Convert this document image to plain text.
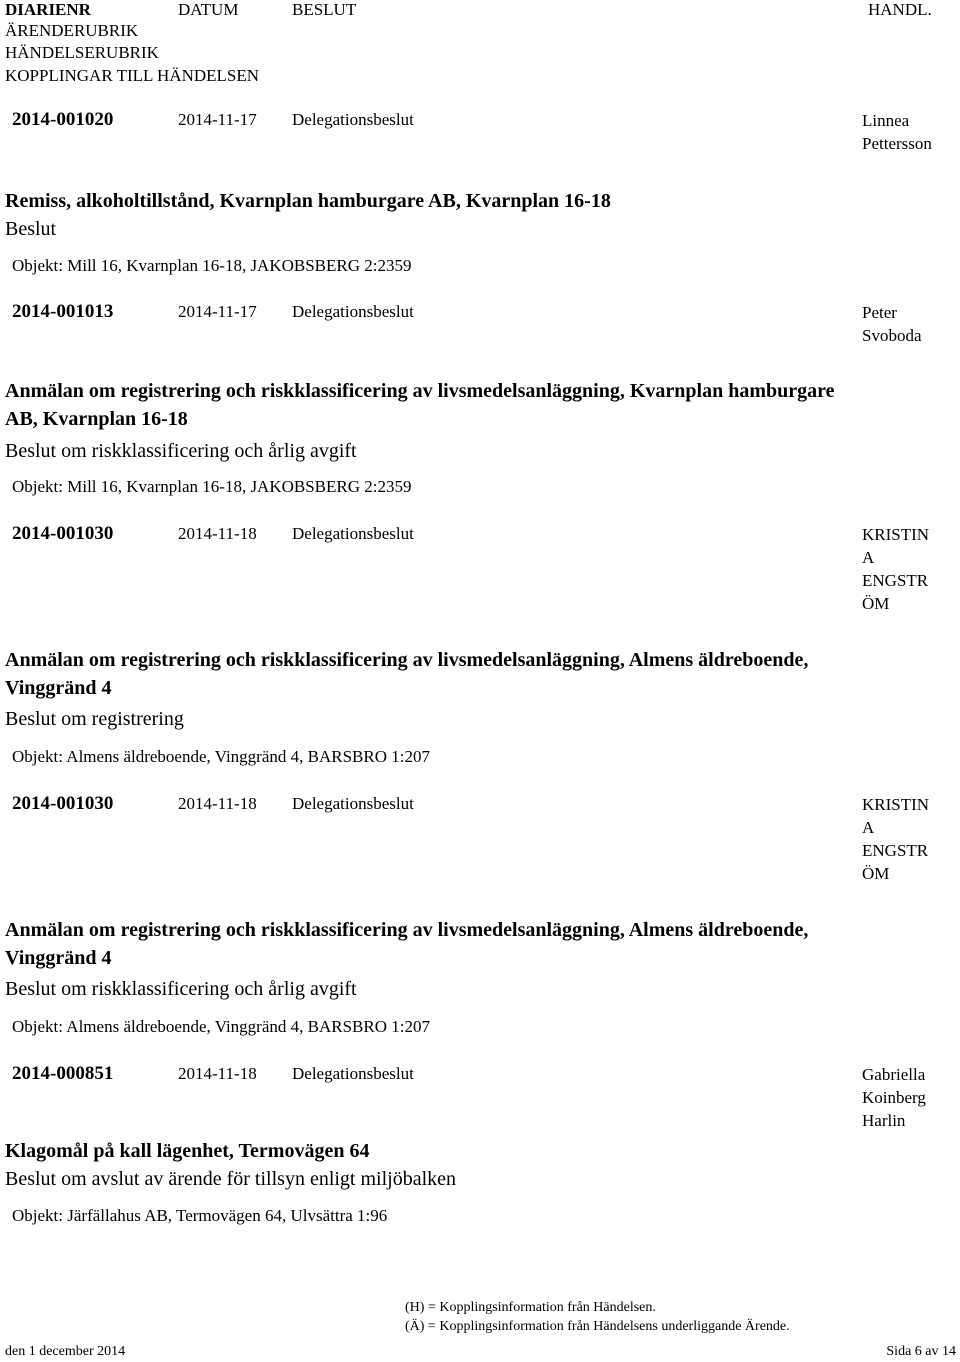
DIARIENR	DATUM	BESLUT	HANDL.
ÄRENDERUBRIK
HÄNDELSERUBRIK
KOPPLINGAR TILL HÄNDELSEN
2014-001020	2014-11-17 Delegationsbeslut	Linnea
Pettersson
Remiss, alkoholtillstånd, Kvarnplan hamburgare AB, Kvarnplan 16-18
Beslut
Objekt: Mill 16, Kvarnplan 16-18, JAKOBSBERG 2:2359
2014-001013	2014-11-17 Delegationsbeslut	Peter
Svoboda
Anmälan om registrering och riskklassificering av livsmedelsanläggning, Kvarnplan hamburgare AB, Kvarnplan 16-18
Beslut om riskklassificering och årlig avgift
Objekt: Mill 16, Kvarnplan 16-18, JAKOBSBERG 2:2359
2014-001030	2014-11-18 Delegationsbeslut	KRISTIN
A
ENGSTR
ÖM
Anmälan om registrering och riskklassificering av livsmedelsanläggning, Almens äldreboende, Vinggränd 4
Beslut om registrering
Objekt: Almens äldreboende, Vinggränd 4, BARSBRO 1:207
2014-001030	2014-11-18 Delegationsbeslut	KRISTIN
A
ENGSTR
ÖM
Anmälan om registrering och riskklassificering av livsmedelsanläggning, Almens äldreboende, Vinggränd 4
Beslut om riskklassificering och årlig avgift
Objekt: Almens äldreboende, Vinggränd 4, BARSBRO 1:207
2014-000851	2014-11-18 Delegationsbeslut	Gabriella
Koinberg
Harlin
Klagomål på kall lägenhet, Termovägen 64
Beslut om avslut av ärende för tillsyn enligt miljöbalken
Objekt: Järfällahus AB, Termovägen 64, Ulvsättra 1:96
(H) = Kopplingsinformation från Händelsen.
(Ä) = Kopplingsinformation från Händelsens underliggande Ärende.
den 1 december 2014	Sida 6 av 14
